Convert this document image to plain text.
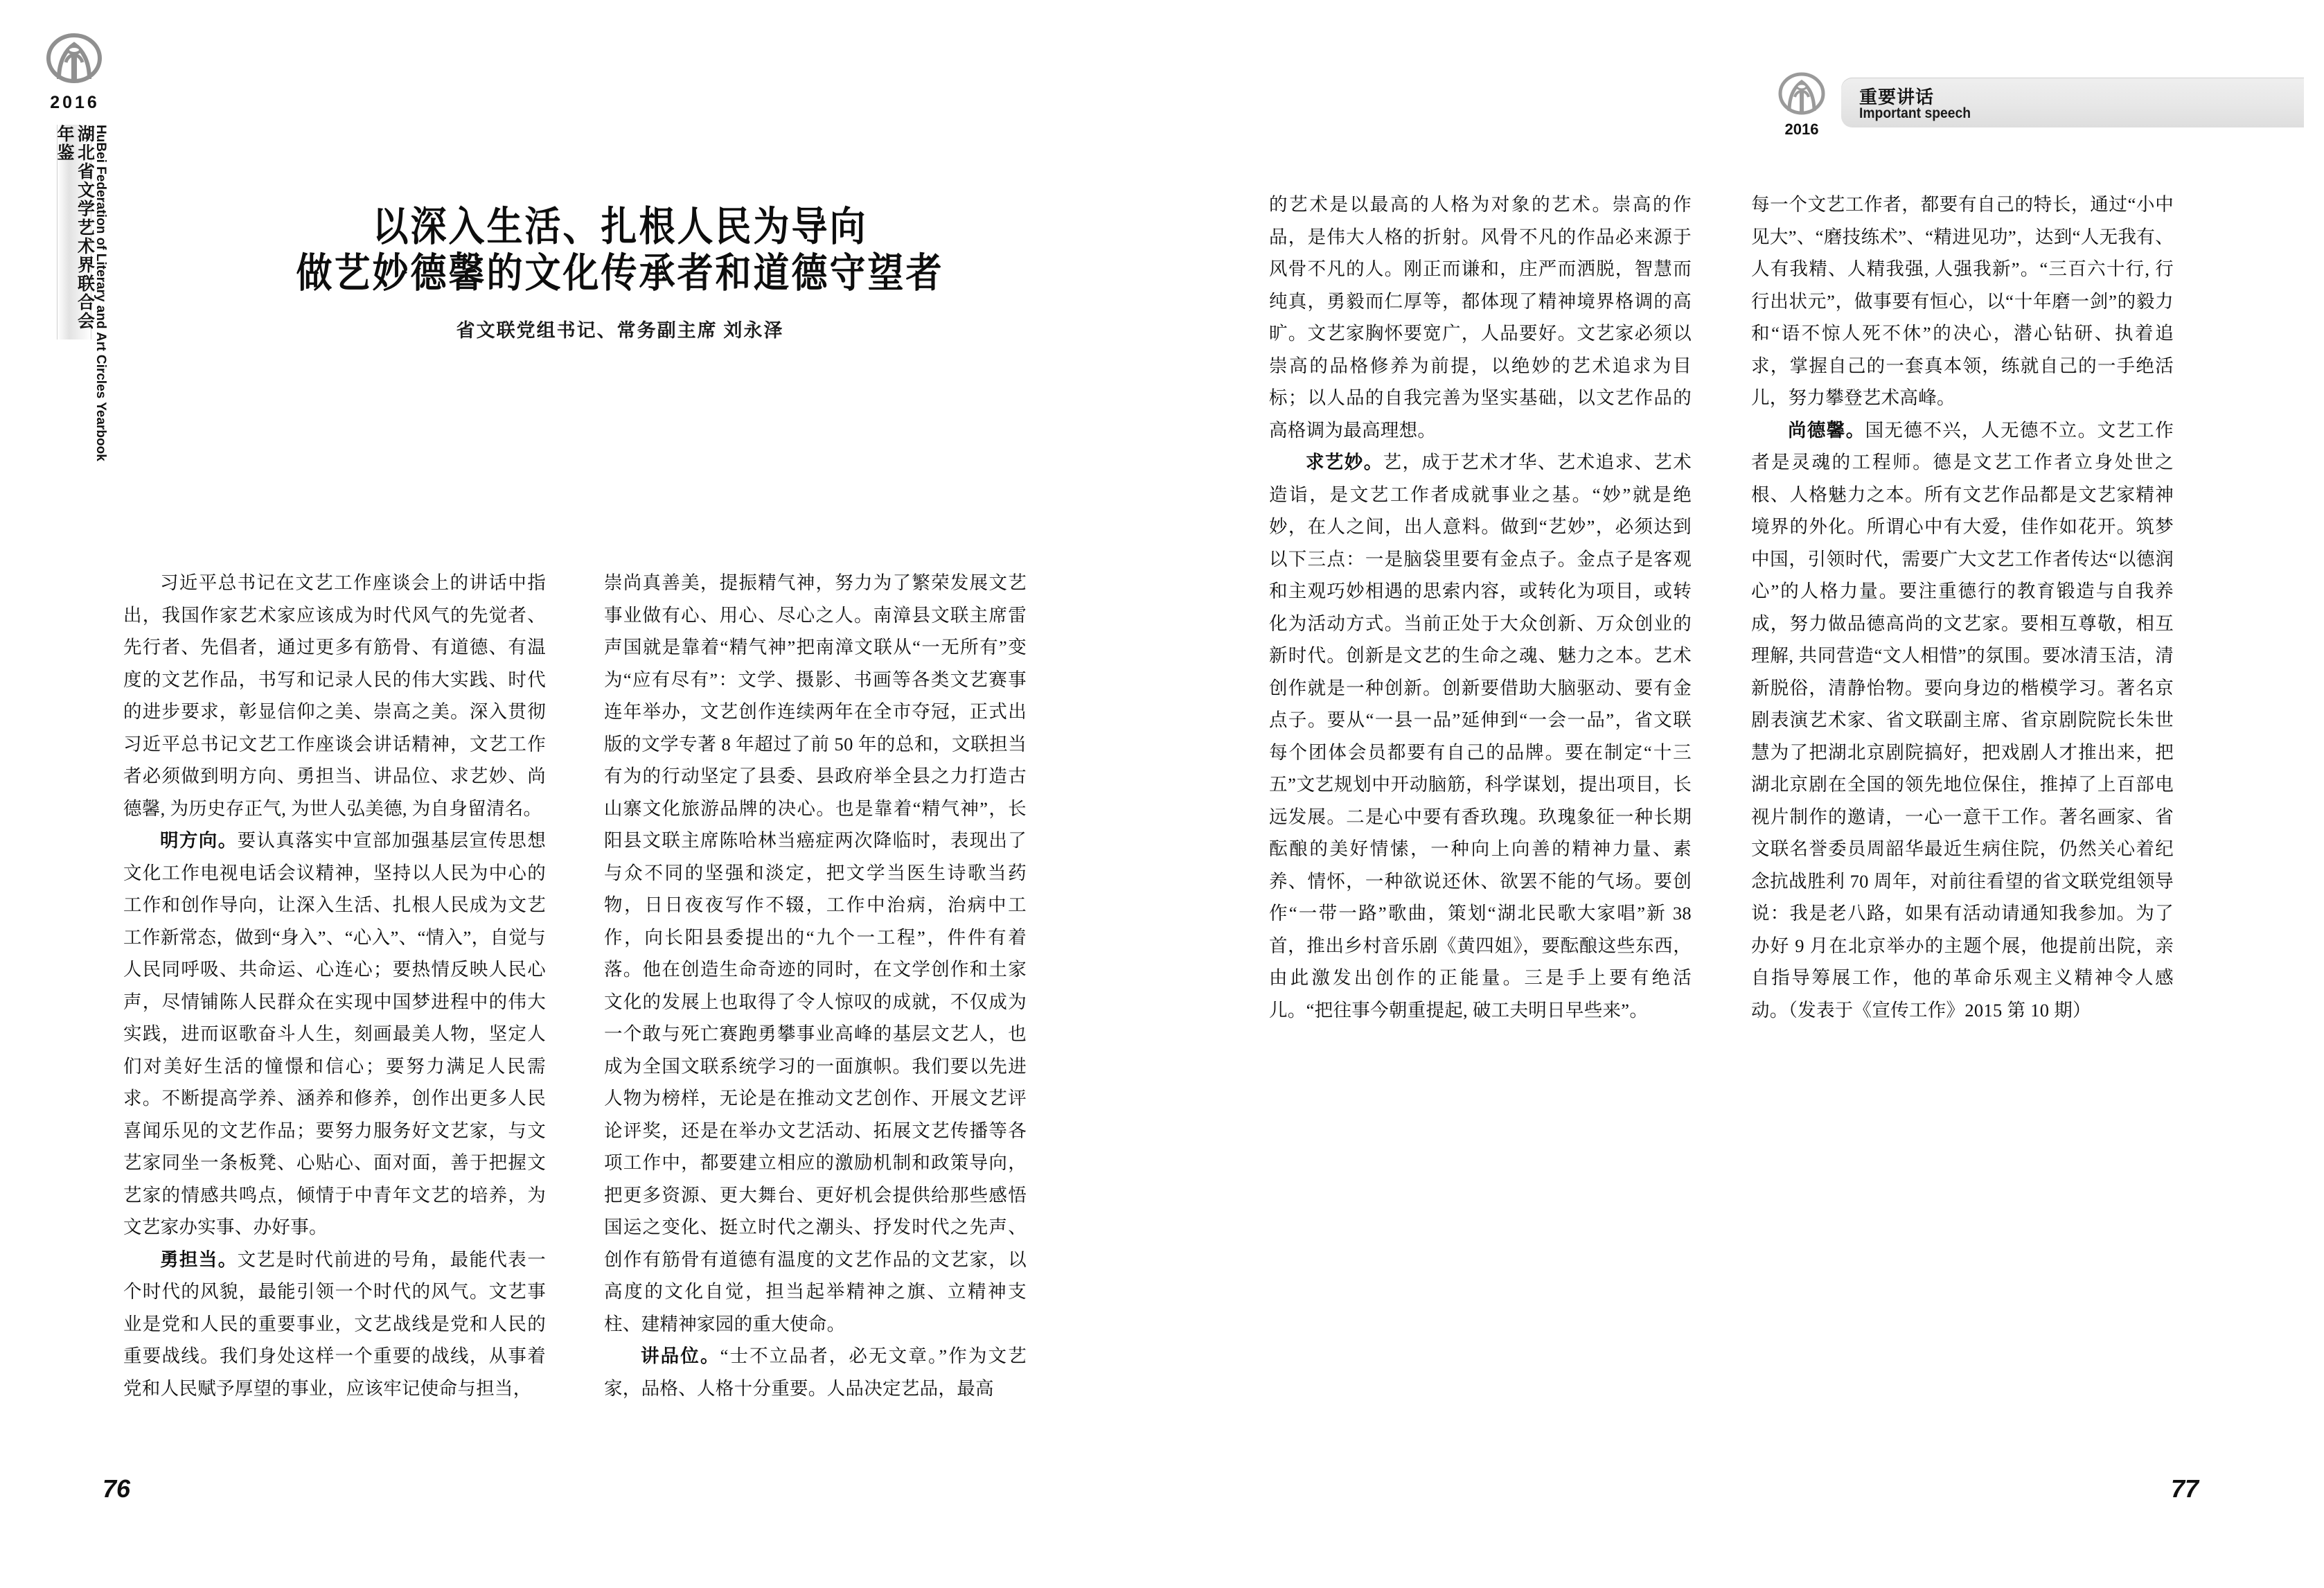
2016
湖北省文学艺术界联合会年鉴	HuBei Federation of Literary and Art Circles Yearbook	以深入生活、扎根人民为导向
做艺妙德馨的文化传承者和道德守望者
省文联党组书记、常务副主席 刘永泽
2016
重要讲话
Important speech

习近平总书记在文艺工作座谈会上的讲话中指出，我国作家艺术家应该成为时代风气的先觉者、先行者、先倡者，通过更多有筋骨、有道德、有温度的文艺作品，书写和记录人民的伟大实践、时代的进步要求，彰显信仰之美、崇高之美。深入贯彻习近平总书记文艺工作座谈会讲话精神，文艺工作者必须做到明方向、勇担当、讲品位、求艺妙、尚德馨, 为历史存正气, 为世人弘美德, 为自身留清名。

明方向。要认真落实中宣部加强基层宣传思想文化工作电视电话会议精神，坚持以人民为中心的工作和创作导向，让深入生活、扎根人民成为文艺工作新常态，做到“身入”、“心入”、“情入”，自觉与人民同呼吸、共命运、心连心；要热情反映人民心声，尽情铺陈人民群众在实现中国梦进程中的伟大实践，进而讴歌奋斗人生，刻画最美人物，坚定人们对美好生活的憧憬和信心；要努力满足人民需求。不断提高学养、涵养和修养，创作出更多人民喜闻乐见的文艺作品；要努力服务好文艺家，与文艺家同坐一条板凳、心贴心、面对面，善于把握文艺家的情感共鸣点，倾情于中青年文艺的培养，为文艺家办实事、办好事。

勇担当。文艺是时代前进的号角，最能代表一个时代的风貌，最能引领一个时代的风气。文艺事业是党和人民的重要事业，文艺战线是党和人民的重要战线。我们身处这样一个重要的战线，从事着党和人民赋予厚望的事业，应该牢记使命与担当，

崇尚真善美，提振精气神，努力为了繁荣发展文艺事业做有心、用心、尽心之人。南漳县文联主席雷声国就是靠着“精气神”把南漳文联从“一无所有”变为“应有尽有”：文学、摄影、书画等各类文艺赛事连年举办，文艺创作连续两年在全市夺冠，正式出版的文学专著 8 年超过了前 50 年的总和，文联担当有为的行动坚定了县委、县政府举全县之力打造古山寨文化旅游品牌的决心。也是靠着“精气神”，长阳县文联主席陈哈林当癌症两次降临时，表现出了与众不同的坚强和淡定，把文学当医生诗歌当药物，日日夜夜写作不辍，工作中治病，治病中工作，向长阳县委提出的“九个一工程”，件件有着落。他在创造生命奇迹的同时，在文学创作和土家文化的发展上也取得了令人惊叹的成就，不仅成为一个敢与死亡赛跑勇攀事业高峰的基层文艺人，也成为全国文联系统学习的一面旗帜。我们要以先进人物为榜样，无论是在推动文艺创作、开展文艺评论评奖，还是在举办文艺活动、拓展文艺传播等各项工作中，都要建立相应的激励机制和政策导向，把更多资源、更大舞台、更好机会提供给那些感悟国运之变化、挺立时代之潮头、抒发时代之先声、创作有筋骨有道德有温度的文艺作品的文艺家，以高度的文化自觉，担当起举精神之旗、立精神支柱、建精神家园的重大使命。

讲品位。“士不立品者，必无文章。”作为文艺家，品格、人格十分重要。人品决定艺品，最高

的艺术是以最高的人格为对象的艺术。崇高的作品，是伟大人格的折射。风骨不凡的作品必来源于风骨不凡的人。刚正而谦和，庄严而洒脱，智慧而纯真，勇毅而仁厚等，都体现了精神境界格调的高旷。文艺家胸怀要宽广，人品要好。文艺家必须以崇高的品格修养为前提，以绝妙的艺术追求为目标；以人品的自我完善为坚实基础，以文艺作品的高格调为最高理想。

求艺妙。艺，成于艺术才华、艺术追求、艺术造诣，是文艺工作者成就事业之基。“妙”就是绝妙，在人之间，出人意料。做到“艺妙”，必须达到以下三点：一是脑袋里要有金点子。金点子是客观和主观巧妙相遇的思索内容，或转化为项目，或转化为活动方式。当前正处于大众创新、万众创业的新时代。创新是文艺的生命之魂、魅力之本。艺术创作就是一种创新。创新要借助大脑驱动、要有金点子。要从“一县一品”延伸到“一会一品”，省文联每个团体会员都要有自己的品牌。要在制定“十三五”文艺规划中开动脑筋，科学谋划，提出项目，长远发展。二是心中要有香玖瑰。玖瑰象征一种长期酝酿的美好情愫，一种向上向善的精神力量、素养、情怀，一种欲说还休、欲罢不能的气场。要创作“一带一路”歌曲，策划“湖北民歌大家唱”新 38 首，推出乡村音乐剧《黄四姐》，要酝酿这些东西，由此激发出创作的正能量。三是手上要有绝活儿。“把往事今朝重提起, 破工夫明日早些来”。

每一个文艺工作者，都要有自己的特长，通过“小中见大”、“磨技练术”、“精进见功”，达到“人无我有、人有我精、人精我强, 人强我新”。“三百六十行, 行行出状元”，做事要有恒心，以“十年磨一剑”的毅力和“语不惊人死不休”的决心，潜心钻研、执着追求，掌握自己的一套真本领，练就自己的一手绝活儿，努力攀登艺术高峰。

尚德馨。国无德不兴，人无德不立。文艺工作者是灵魂的工程师。德是文艺工作者立身处世之根、人格魅力之本。所有文艺作品都是文艺家精神境界的外化。所谓心中有大爱，佳作如花开。筑梦中国，引领时代，需要广大文艺工作者传达“以德润心”的人格力量。要注重德行的教育锻造与自我养成，努力做品德高尚的文艺家。要相互尊敬，相互理解, 共同营造“文人相惜”的氛围。要冰清玉洁，清新脱俗，清静怡物。要向身边的楷模学习。著名京剧表演艺术家、省文联副主席、省京剧院院长朱世慧为了把湖北京剧院搞好，把戏剧人才推出来，把湖北京剧在全国的领先地位保住，推掉了上百部电视片制作的邀请，一心一意干工作。著名画家、省文联名誉委员周韶华最近生病住院，仍然关心着纪念抗战胜利 70 周年，对前往看望的省文联党组领导说：我是老八路，如果有活动请通知我参加。为了办好 9 月在北京举办的主题个展，他提前出院，亲自指导筹展工作，他的革命乐观主义精神令人感动。（发表于《宣传工作》2015 第 10 期）

76	77
